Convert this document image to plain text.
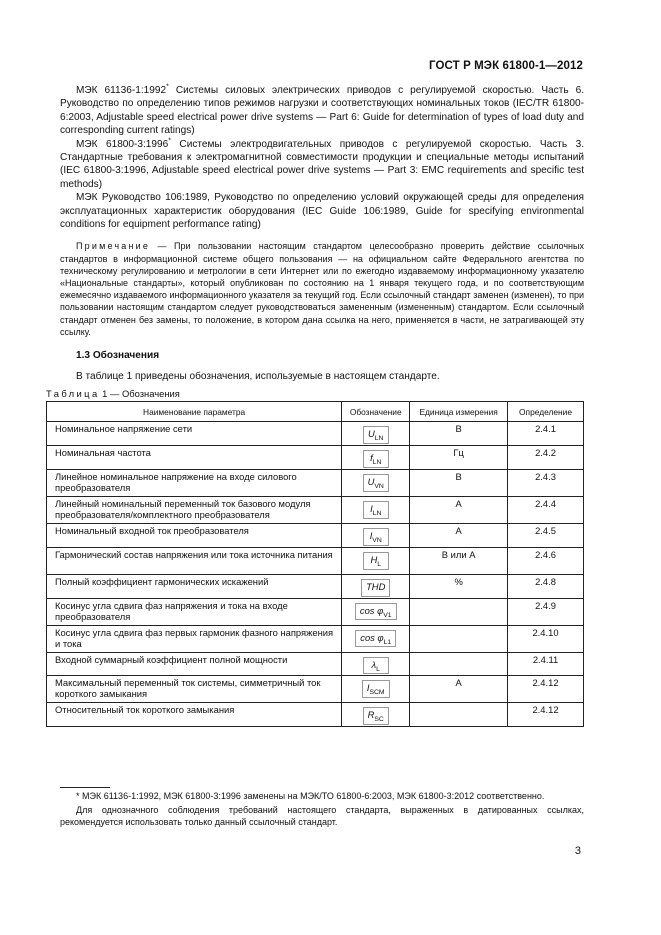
ГОСТ Р МЭК 61800-1—2012

МЭК 61136-1:1992* Системы силовых электрических приводов с регулируемой скоростью. Часть 6. Руководство по определению типов режимов нагрузки и соответствующих номинальных токов (IEC/TR 61800-6:2003, Adjustable speed electrical power drive systems — Part 6: Guide for determination of types of load duty and corresponding current ratings)

МЭК 61800-3:1996* Системы электродвигательных приводов с регулируемой скоростью. Часть 3. Стандартные требования к электромагнитной совместимости продукции и специальные методы испытаний (IEC 61800-3:1996, Adjustable speed electrical power drive systems — Part 3: EMC requirements and specific test methods)

МЭК Руководство 106:1989, Руководство по определению условий окружающей среды для определения эксплуатационных характеристик оборудования (IEC Guide 106:1989, Guide for specifying environmental conditions for equipment performance rating)

Примечание — При пользовании настоящим стандартом целесообразно проверить действие ссылочных стандартов в информационной системе общего пользования — на официальном сайте Федерального агентства по техническому регулированию и метрологии в сети Интернет или по ежегодно издаваемому информационному указателю «Национальные стандарты», который опубликован по состоянию на 1 января текущего года, и по соответствующим ежемесячно издаваемого информационного указателя за текущий год. Если ссылочный стандарт заменен (изменен), то при пользовании настоящим стандартом следует руководствоваться замененным (измененным) стандартом. Если ссылочный стандарт отменен без замены, то положение, в котором дана ссылка на него, применяется в части, не затрагивающей эту ссылку.

1.3 Обозначения

В таблице 1 приведены обозначения, используемые в настоящем стандарте.

Таблица 1 — Обозначения
Наименование параметра	Обозначение	Единица измерения	Определение
Номинальное напряжение сети	$U_{LN}$	В	2.4.1
Номинальная частота	$f_{LN}$	Гц	2.4.2
Линейное номинальное напряжение на входе силового преобразователя	$U_{VN}$	В	2.4.3
Линейный номинальный переменный ток базового модуля преобразователя/комплектного преобразователя	$I_{LN}$	А	2.4.4
Номинальный входной ток преобразователя	$I_{VN}$	А	2.4.5
Гармонический состав напряжения или тока источника питания	$H_L$	В или А	2.4.6
Полный коэффициент гармонических искажений	THD	%	2.4.8
Косинус угла сдвига фаз напряжения и тока на входе преобразователя	$\cos \varphi_{V1}$		2.4.9
Косинус угла сдвига фаз первых гармоник фазного напряжения и тока	$\cos \varphi_{L1}$		2.4.10
Входной суммарный коэффициент полной мощности	$\lambda_L$		2.4.11
Максимальный переменный ток системы, симметричный ток короткого замыкания	$I_{SCM}$	А	2.4.12
Относительный ток короткого замыкания	$R_{SC}$		2.4.12

* МЭК 61136-1:1992, МЭК 61800-3:1996 заменены на МЭК/ТО 61800-6:2003, МЭК 61800-3:2012 соответственно.

Для однозначного соблюдения требований настоящего стандарта, выраженных в датированных ссылках, рекомендуется использовать только данный ссылочный стандарт.

3
